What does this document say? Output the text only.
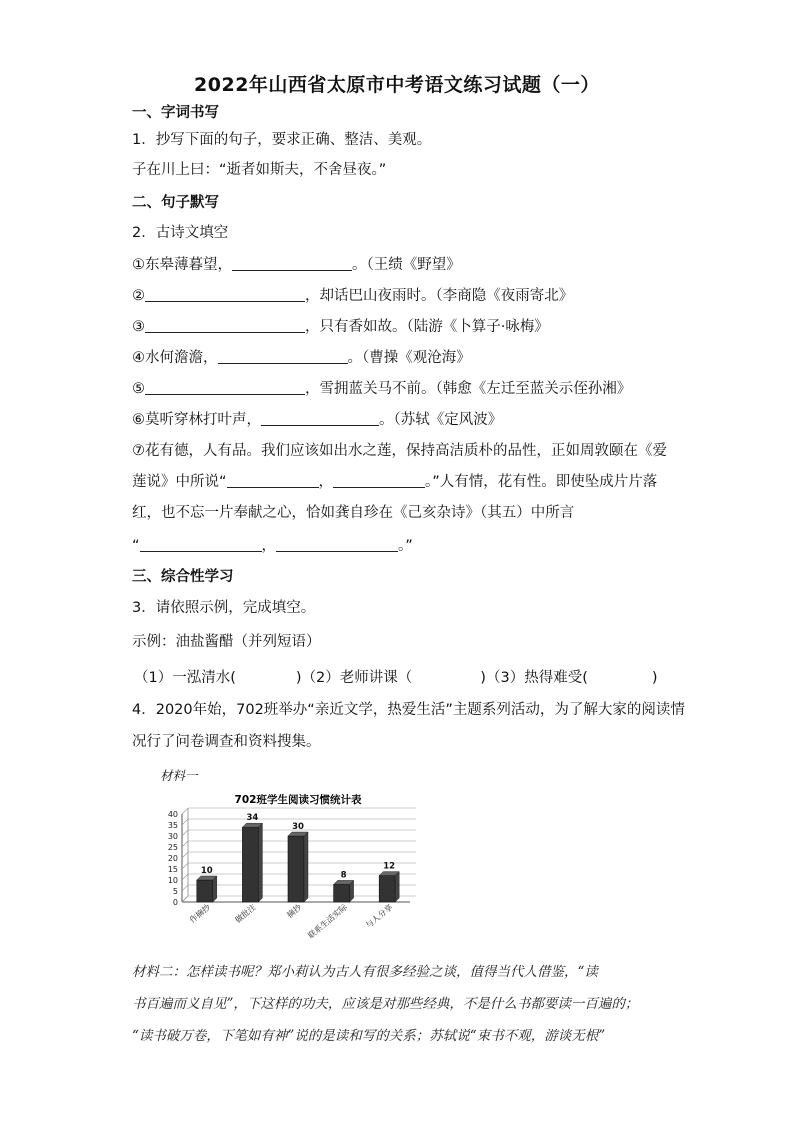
2022年山西省太原市中考语文练习试题（一）
一、字词书写
1．抄写下面的句子，要求正确、整洁、美观。
子在川上曰：“逝者如斯夫，不舍昼夜。”
二、句子默写
2．古诗文填空
①东皋薄暮望，	。（王绩《野望》
②	，却话巴山夜雨时。（李商隐《夜雨寄北》
③	，只有香如故。（陆游《卜算子·咏梅》
④水何澹澹，	。（曹操《观沧海》
⑤	，雪拥蓝关马不前。（韩愈《左迁至蓝关示侄孙湘》
⑥莫听穿林打叶声，	。（苏轼《定风波》
⑦花有德，人有品。我们应该如出水之莲，保持高洁质朴的品性，正如周敦颐在《爱
莲说》中所说“	，	。”人有情，花有性。即使坠成片片落
红，也不忘一片奉献之心，恰如龚自珍在《己亥杂诗》（其五）中所言
“	，	。”
三、综合性学习
3．请依照示例，完成填空。
示例：油盐酱醋（并列短语）
（1）一泓清水(	)（2）老师讲课（	)（3）热得难受(	)
4．2020年始，702班举办“亲近文学，热爱生活”主题系列活动，为了解大家的阅读情
况行了问卷调查和资料搜集。
材料一
702班学生阅读习惯统计表
0
5
10
15
20
25
30
35
40
10
34
30
8
12
作摘抄	做批注	摘抄 联系生活实际 与人分享
材料二：怎样读书呢？郑小莉认为古人有很多经验之谈，值得当代人借鉴，“读
书百遍而义自见”，下这样的功夫，应该是对那些经典，不是什么书都要读一百遍的；
“读书破万卷，下笔如有神”说的是读和写的关系；苏轼说“束书不观，游谈无根”
